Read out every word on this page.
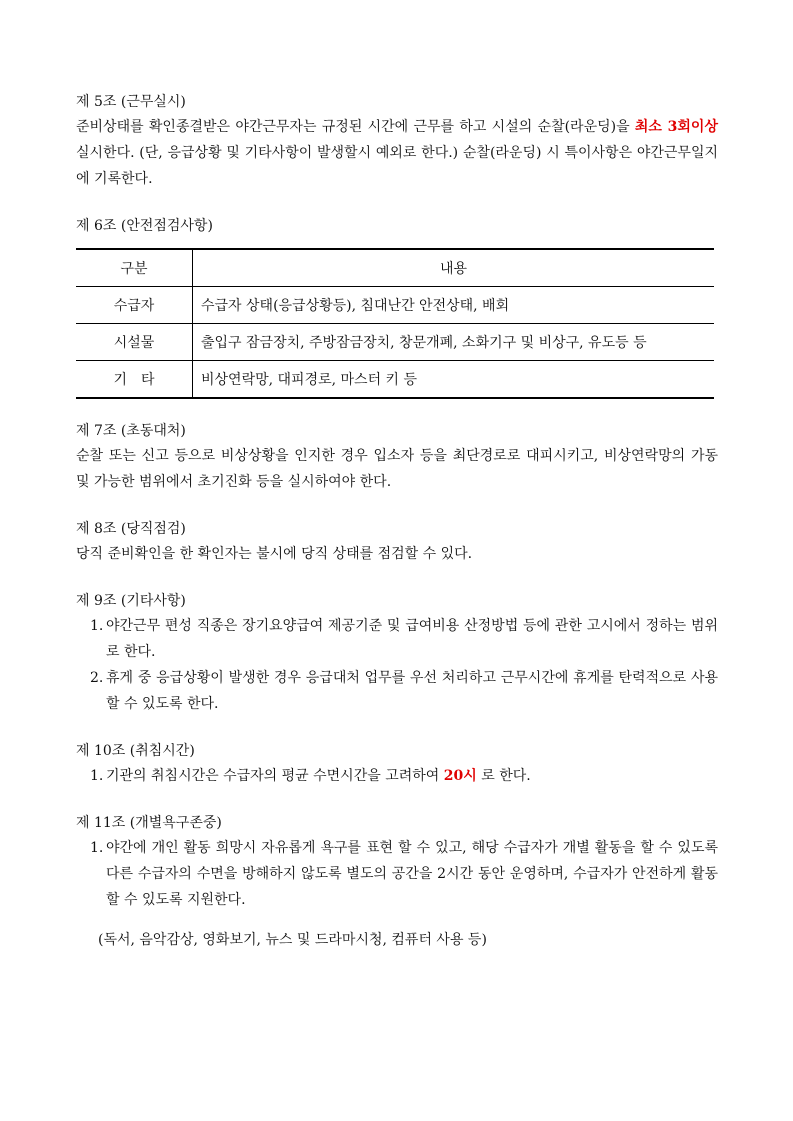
제 5조 (근무실시)

준비상태를 확인종결받은 야간근무자는 규정된 시간에 근무를 하고 시설의 순찰(라운딩)을 최소 3회이상 실시한다. (단, 응급상황 및 기타사항이 발생할시 예외로 한다.) 순찰(라운딩) 시 특이사항은 야간근무일지에 기록한다.

제 6조 (안전점검사항)

구분	내용
수급자	수급자 상태(응급상황등), 침대난간 안전상태, 배회
시설물	출입구 잠금장치, 주방잠금장치, 창문개폐, 소화기구 및 비상구, 유도등 등
기　타	비상연락망, 대피경로, 마스터 키 등

제 7조 (초동대처)

순찰 또는 신고 등으로 비상상황을 인지한 경우 입소자 등을 최단경로로 대피시키고, 비상연락망의 가동 및 가능한 범위에서 초기진화 등을 실시하여야 한다.

제 8조 (당직점검)

당직 준비확인을 한 확인자는 불시에 당직 상태를 점검할 수 있다.

제 9조 (기타사항)

1. 야간근무 편성 직종은 장기요양급여 제공기준 및 급여비용 산정방법 등에 관한 고시에서 정하는 범위로 한다.
2. 휴게 중 응급상황이 발생한 경우 응급대처 업무를 우선 처리하고 근무시간에 휴게를 탄력적으로 사용할 수 있도록 한다.

제 10조 (취침시간)

1. 기관의 취침시간은 수급자의 평균 수면시간을 고려하여 20시 로 한다.

제 11조 (개별욕구존중)

1. 야간에 개인 활동 희망시 자유롭게 욕구를 표현 할 수 있고, 해당 수급자가 개별 활동을 할 수 있도록 다른 수급자의 수면을 방해하지 않도록 별도의 공간을 2시간 동안 운영하며, 수급자가 안전하게 활동 할 수 있도록 지원한다.

(독서, 음악감상, 영화보기, 뉴스 및 드라마시청, 컴퓨터 사용 등)
